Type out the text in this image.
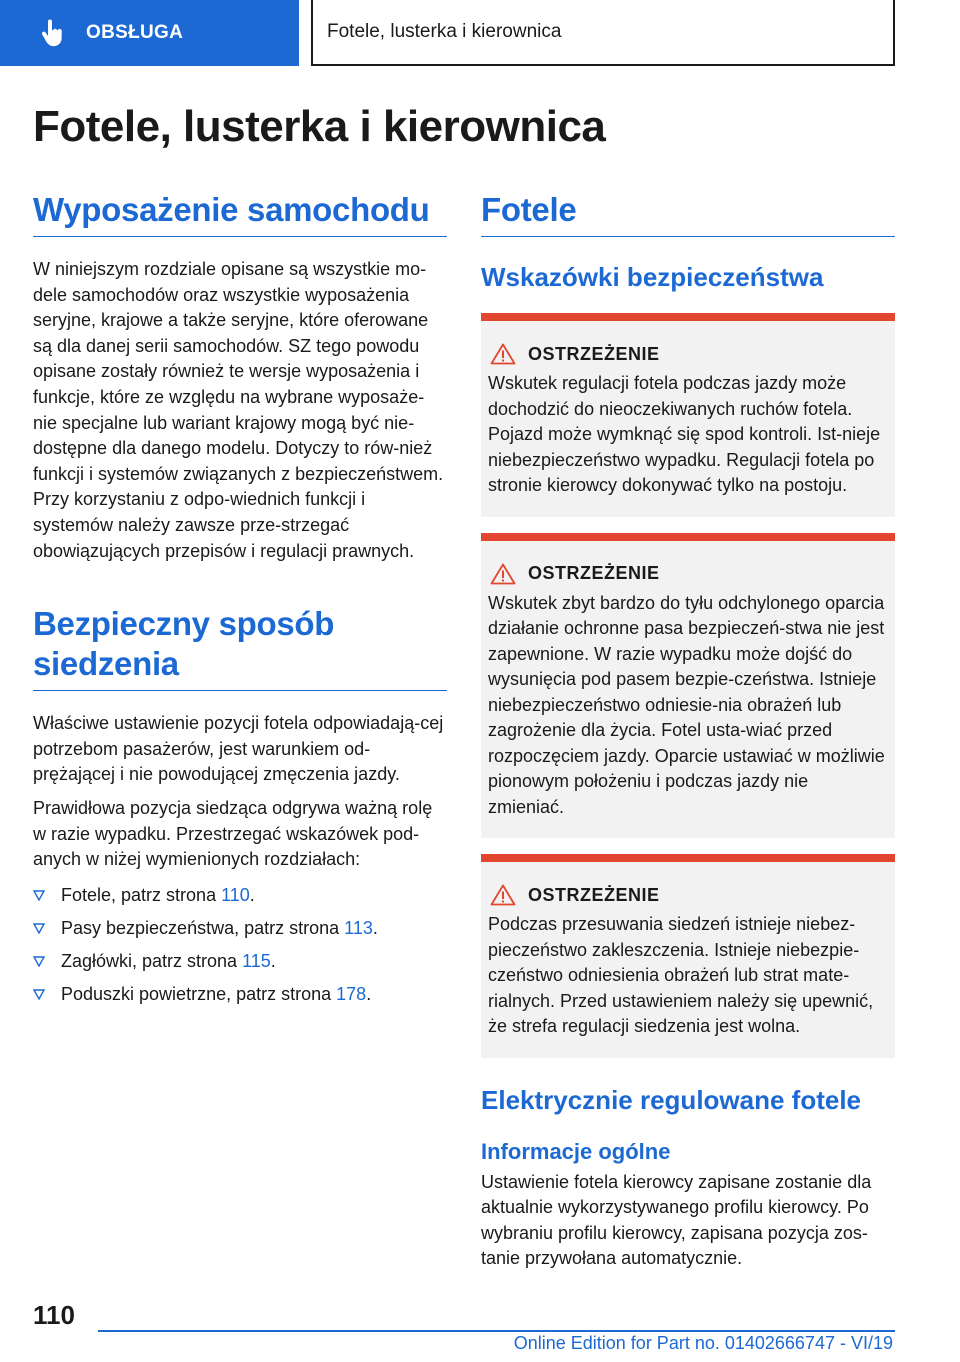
OBSŁUGA	Fotele, lusterka i kierownica
Fotele, lusterka i kierownica
Wyposażenie samochodu

W niniejszym rozdziale opisane są wszystkie mo-dele samochodów oraz wszystkie wyposażenia seryjne, krajowe a także seryjne, które oferowane są dla danej serii samochodów. SZ tego powodu opisane zostały również te wersje wyposażenia i funkcje, które ze względu na wybrane wyposaże-nie specjalne lub wariant krajowy mogą być nie-dostępne dla danego modelu. Dotyczy to rów-nież funkcji i systemów związanych z bezpieczeństwem. Przy korzystaniu z odpo-wiednich funkcji i systemów należy zawsze prze-strzegać obowiązujących przepisów i regulacji prawnych.

Bezpieczny sposób siedzenia

Właściwe ustawienie pozycji fotela odpowiadają-cej potrzebom pasażerów, jest warunkiem od-prężającej i nie powodującej zmęczenia jazdy.

Prawidłowa pozycja siedząca odgrywa ważną rolę w razie wypadku. Przestrzegać wskazówek pod-anych w niżej wymienionych rozdziałach:

Fotele, patrz strona 110.
Pasy bezpieczeństwa, patrz strona 113.
Zagłówki, patrz strona 115.
Poduszki powietrzne, patrz strona 178.
Fotele
Wskazówki bezpieczeństwa
OSTRZEŻENIE

Wskutek regulacji fotela podczas jazdy może dochodzić do nieoczekiwanych ruchów fotela. Pojazd może wymknąć się spod kontroli. Ist-nieje niebezpieczeństwo wypadku. Regulacji fotela po stronie kierowcy dokonywać tylko na postoju.

OSTRZEŻENIE

Wskutek zbyt bardzo do tyłu odchylonego oparcia działanie ochronne pasa bezpieczeń-stwa nie jest zapewnione. W razie wypadku może dojść do wysunięcia pod pasem bezpie-czeństwa. Istnieje niebezpieczeństwo odniesie-nia obrażeń lub zagrożenie dla życia. Fotel usta-wiać przed rozpoczęciem jazdy. Oparcie ustawiać w możliwie pionowym położeniu i podczas jazdy nie zmieniać.

OSTRZEŻENIE

Podczas przesuwania siedzeń istnieje niebez-pieczeństwo zakleszczenia. Istnieje niebezpie-czeństwo odniesienia obrażeń lub strat mate-rialnych. Przed ustawieniem należy się upewnić, że strefa regulacji siedzenia jest wolna.

Elektrycznie regulowane fotele
Informacje ogólne

Ustawienie fotela kierowcy zapisane zostanie dla aktualnie wykorzystywanego profilu kierowcy. Po wybraniu profilu kierowcy, zapisana pozycja zos-tanie przywołana automatycznie.

110
Online Edition for Part no. 01402666747 - VI/19
